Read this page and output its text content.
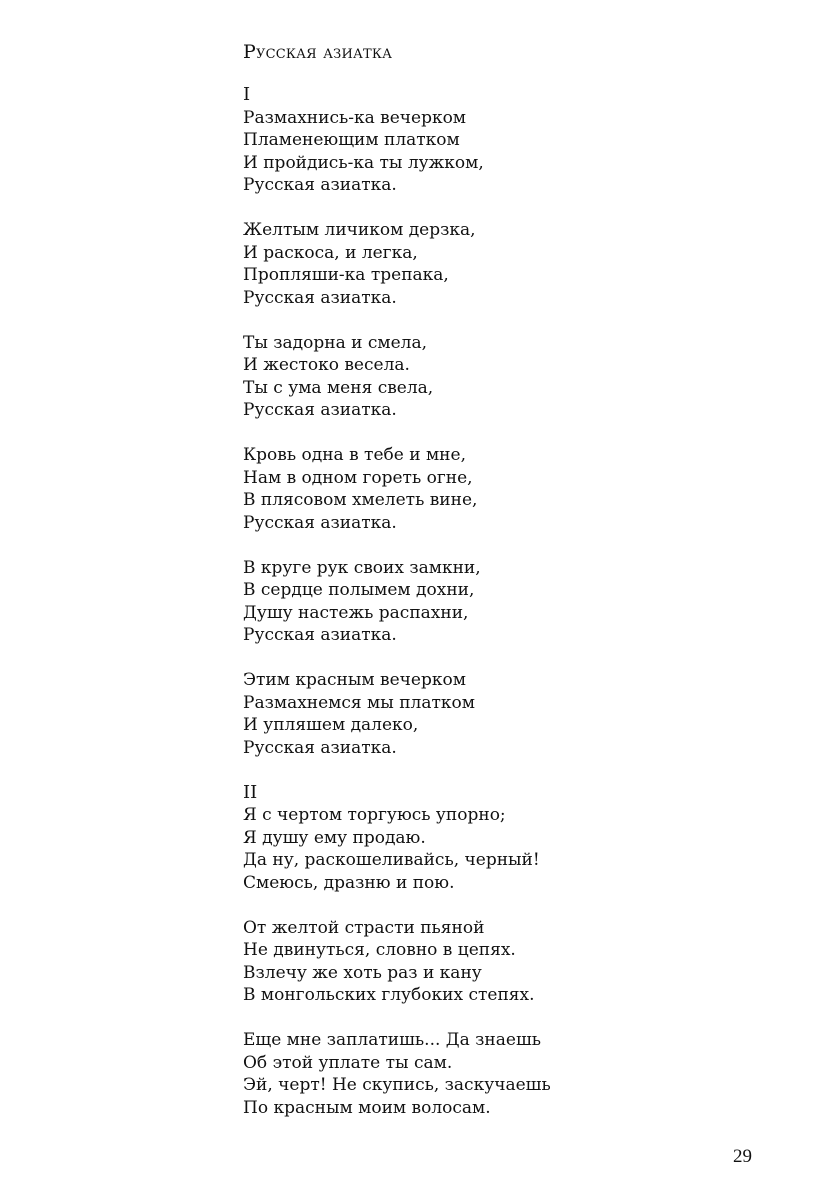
Русская азиатка
I
Размахнись-ка вечерком
Пламенеющим платком
И пройдись-ка ты лужком,
Русская азиатка.
Желтым личиком дерзка,
И раскоса, и легка,
Пропляши-ка трепака,
Русская азиатка.
Ты задорна и смела,
И жестоко весела.
Ты с ума меня свела,
Русская азиатка.
Кровь одна в тебе и мне,
Нам в одном гореть огне,
В плясовом хмелеть вине,
Русская азиатка.
В круге рук своих замкни,
В сердце полымем дохни,
Душу настежь распахни,
Русская азиатка.
Этим красным вечерком
Размахнемся мы платком
И упляшем далеко,
Русская азиатка.
II
Я с чертом торгуюсь упорно;
Я душу ему продаю.
Да ну, раскошеливайсь, черный!
Смеюсь, дразню и пою.
От желтой страсти пьяной
Не двинуться, словно в цепях.
Взлечу же хоть раз и кану
В монгольских глубоких степях.
Еще мне заплатишь... Да знаешь
Об этой уплате ты сам.
Эй, черт! Не скупись, заскучаешь
По красным моим волосам.
29
